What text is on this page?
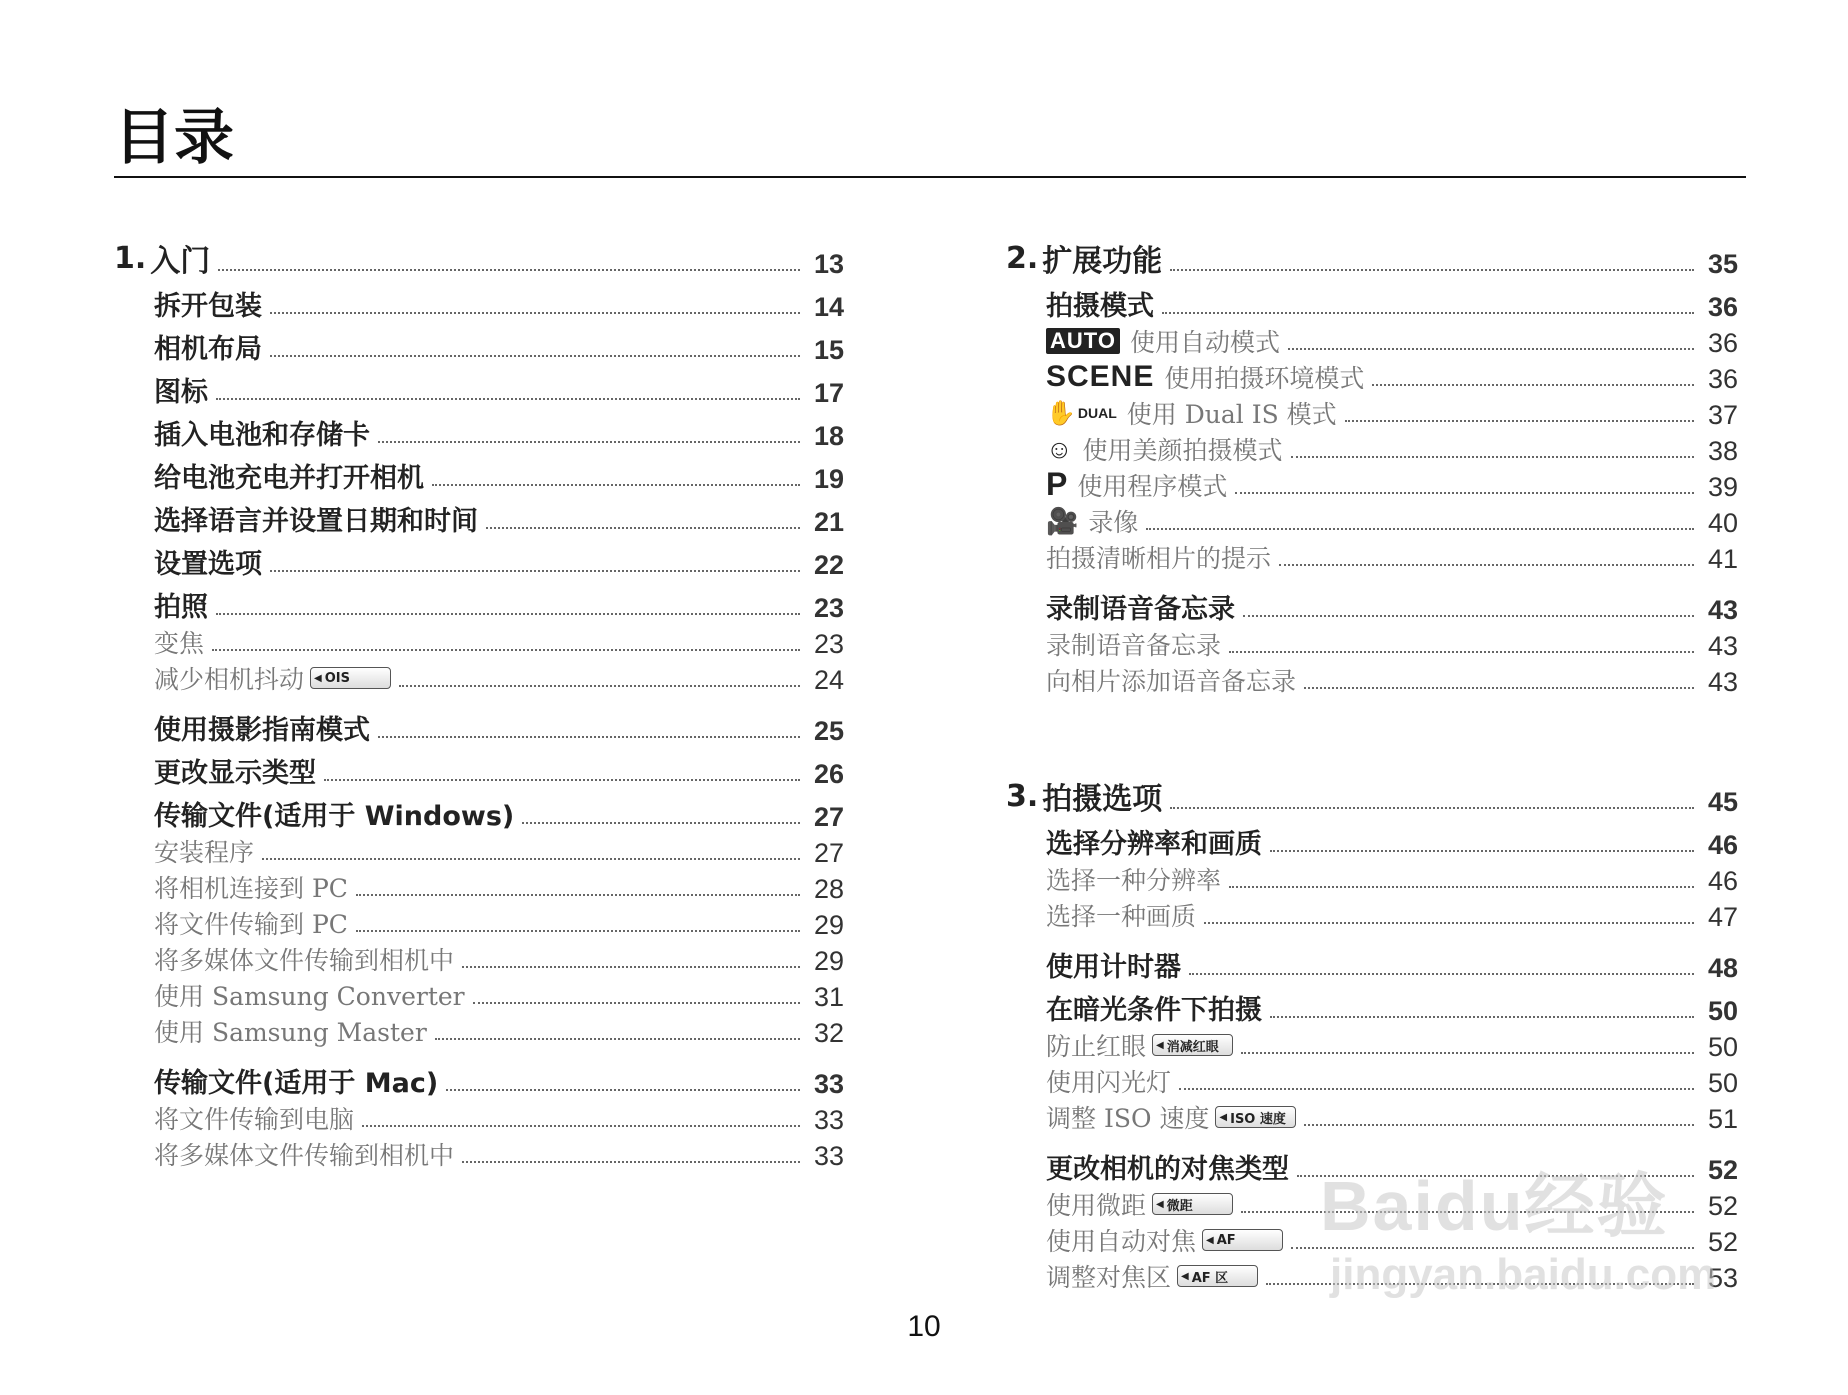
目录
1. 入门	13
拆开包装	14
相机布局	15
图标	17
插入电池和存储卡	18
给电池充电并打开相机	19
选择语言并设置日期和时间	21
设置选项	22
拍照	23
变焦	23
减少相机抖动 ◀ OIS	24
使用摄影指南模式	25
更改显示类型	26
传输文件(适用于 Windows)	27
安装程序	27
将相机连接到 PC	28
将文件传输到 PC	29
将多媒体文件传输到相机中	29
使用 Samsung Converter	31
使用 Samsung Master	32
传输文件(适用于 Mac)	33
将文件传输到电脑	33
将多媒体文件传输到相机中	33
2. 扩展功能	35
拍摄模式	36
AUTO 使用自动模式	36
SCENE 使用拍摄环境模式	36
✋ DUAL 使用 Dual IS 模式	37
☺ 使用美颜拍摄模式	38
P 使用程序模式	39
🎥 录像	40
拍摄清晰相片的提示	41
录制语音备忘录	43
录制语音备忘录	43
向相片添加语音备忘录	43
3. 拍摄选项	45
选择分辨率和画质	46
选择一种分辨率	46
选择一种画质	47
使用计时器	48
在暗光条件下拍摄	50
防止红眼 ◀ 消减红眼	50
使用闪光灯	50
调整 ISO 速度 ◀ ISO 速度	51
更改相机的对焦类型	52
使用微距 ◀ 微距	52
使用自动对焦 ◀ AF	52
调整对焦区 ◀ AF 区	53
10
Baidu经验
jingyan.baidu.com
